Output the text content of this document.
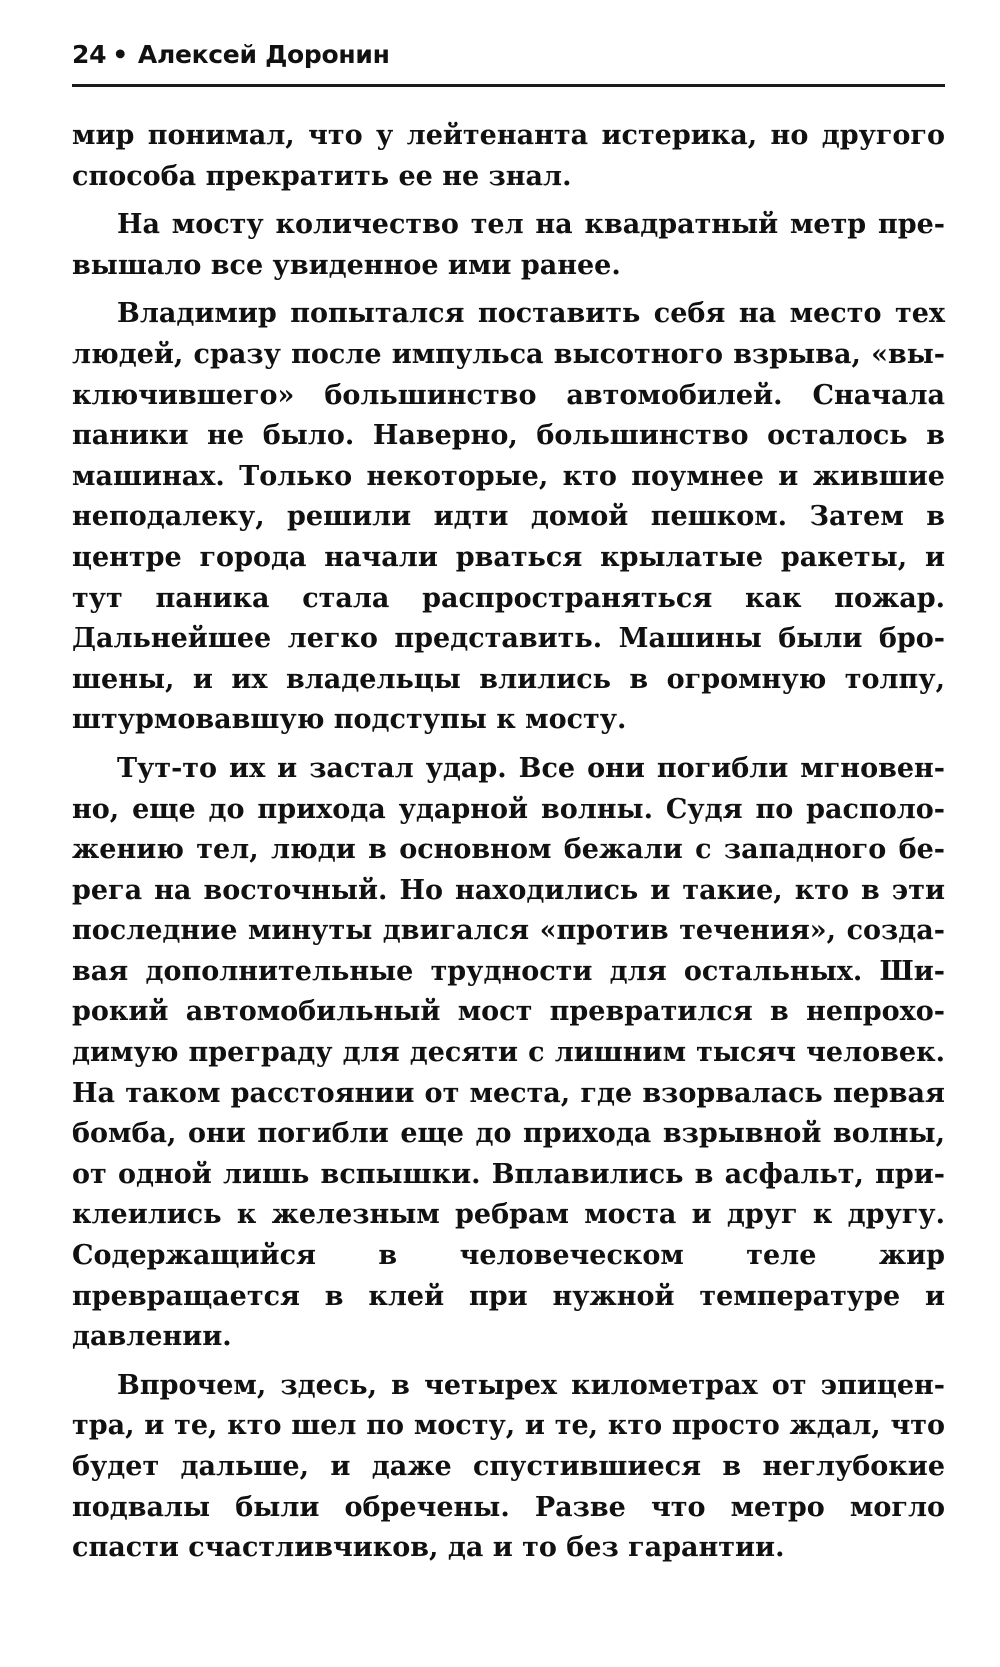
24 • Алексей Доронин

мир понимал, что у лейтенанта истерика, но другого способа прекратить ее не знал.

На мосту количество тел на квадратный метр превышало все увиденное ими ранее.

Владимир попытался поставить себя на место тех людей, сразу после импульса высотного взрыва, «выключившего» большинство автомобилей. Сначала паники не было. Наверно, большинство осталось в машинах. Только некоторые, кто поумнее и жившие неподалеку, решили идти домой пешком. Затем в центре города начали рваться крылатые ракеты, и тут паника стала распространяться как пожар. Дальнейшее легко представить. Машины были брошены, и их владельцы влились в огромную толпу, штурмовавшую подступы к мосту.

Тут-то их и застал удар. Все они погибли мгновенно, еще до прихода ударной волны. Судя по расположению тел, люди в основном бежали с западного берега на восточный. Но находились и такие, кто в эти последние минуты двигался «против течения», создавая дополнительные трудности для остальных. Широкий автомобильный мост превратился в непроходимую преграду для десяти с лишним тысяч человек. На таком расстоянии от места, где взорвалась первая бомба, они погибли еще до прихода взрывной волны, от одной лишь вспышки. Вплавились в асфальт, приклеились к железным ребрам моста и друг к другу. Содержащийся в человеческом теле жир превращается в клей при нужной температуре и давлении.

Впрочем, здесь, в четырех километрах от эпицентра, и те, кто шел по мосту, и те, кто просто ждал, что будет дальше, и даже спустившиеся в неглубокие подвалы были обречены. Разве что метро могло спасти счастливчиков, да и то без гарантии.
